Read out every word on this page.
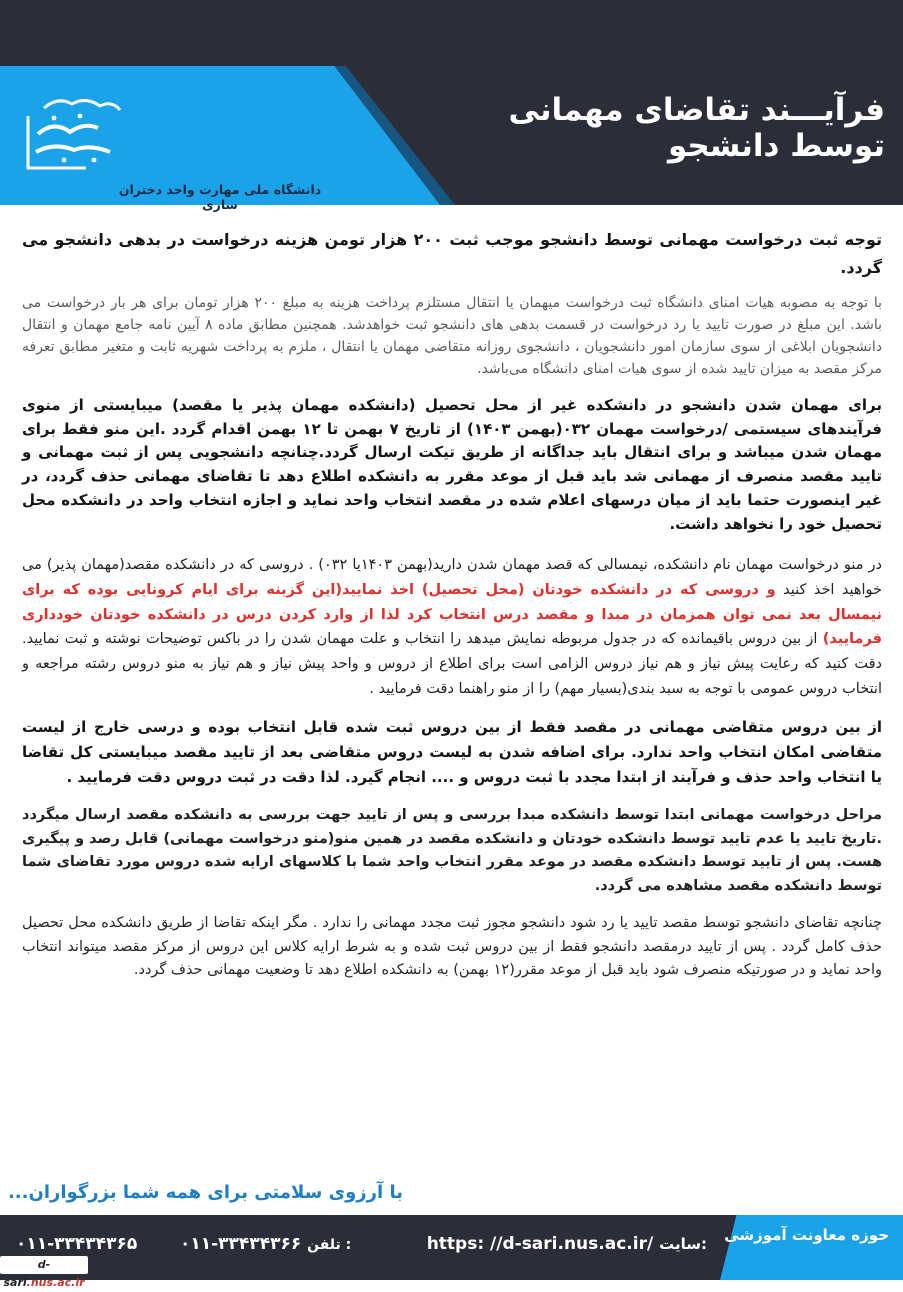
دانشگاه ملی مهارت واحد دختران ساری
فرآیـــند تقاضای مهمانی توسط دانشجو

توجه ثبت درخواست مهمانی توسط دانشجو موجب ثبت ۲۰۰ هزار تومن هزینه درخواست در بدهی دانشجو می گردد.

با توجه به مصوبه هیات امنای دانشگاه ثبت درخواست میهمان یا انتقال مستلزم پرداخت هزینه به مبلغ ۲۰۰ هزار تومان برای هر بار درخواست می باشد. این مبلغ در صورت تایید یا رد درخواست در قسمت بدهی های دانشجو ثبت خواهدشد. همچنین مطابق ماده ۸ آیین نامه جامع مهمان و انتقال دانشجویان ابلاغی از سوی سازمان امور دانشجویان ، دانشجوی روزانه متقاضی مهمان یا انتقال ، ملزم به پرداخت شهریه ثابت و متغیر مطابق تعرفه مرکز مقصد به میزان تایید شده از سوی هیات امنای دانشگاه می‌باشد.

برای مهمان شدن دانشجو در دانشکده غیر از محل تحصیل (دانشکده مهمان پذیر یا مقصد) میبایستی از منوی فرآیندهای سیستمی /درخواست مهمان ۰۳۲(بهمن ۱۴۰۳) از تاریخ ۷ بهمن تا ۱۲ بهمن اقدام گردد .این منو فقط برای مهمان شدن میباشد و برای انتقال باید جداگانه از طریق تیکت ارسال گردد.چنانچه دانشجویی پس از ثبت مهمانی و تایید مقصد منصرف از مهمانی شد باید قبل از موعد مقرر به دانشکده اطلاع دهد تا تقاضای مهمانی حذف گردد، در غیر اینصورت حتما باید از میان درسهای اعلام شده در مقصد انتخاب واحد نماید و اجازه انتخاب واحد در دانشکده محل تحصیل خود را نخواهد داشت.

در منو درخواست مهمان نام دانشکده، نیمسالی که قصد مهمان شدن دارید(بهمن ۱۴۰۳یا ۰۳۲) . دروسی که در دانشکده مقصد(مهمان پذیر) می خواهید اخذ کنید و دروسی که در دانشکده خودتان (محل تحصیل) اخذ نمایید(این گزینه برای ایام کرونایی بوده که برای نیمسال بعد نمی توان همزمان در مبدا و مقصد درس انتخاب کرد لذا از وارد کردن درس در دانشکده خودتان خودداری فرمایید) از بین دروس باقیمانده که در جدول مربوطه نمایش میدهد را انتخاب و علت مهمان شدن را در باکس توضیحات نوشته و ثبت نمایید. دقت کنید که رعایت پیش نیاز و هم نیاز دروس الزامی است برای اطلاع از دروس و واحد پیش نیاز و هم نیاز به منو دروس رشته مراجعه و انتخاب دروس عمومی با توجه به سبد بندی(بسیار مهم) را از منو راهنما دقت فرمایید .

از بین دروس متقاضی مهمانی در مقصد فقط از بین دروس ثبت شده قابل انتخاب بوده و درسی خارج از لیست متقاضی امکان انتخاب واحد ندارد. برای اضافه شدن به لیست دروس متقاضی بعد از تایید مقصد میبایستی کل تقاضا یا انتخاب واحد حذف و فرآیند از ابتدا مجدد با ثبت دروس و .... انجام گیرد. لذا دقت در ثبت دروس دقت فرمایید .

مراحل درخواست مهمانی ابتدا توسط دانشکده مبدا بررسی و پس از تایید جهت بررسی به دانشکده مقصد ارسال میگردد .تاریخ تایید یا عدم تایید توسط دانشکده خودتان و دانشکده مقصد در همین منو(منو درخواست مهمانی) قابل رصد و پیگیری هست. پس از تایید توسط دانشکده مقصد در موعد مقرر انتخاب واحد شما با کلاسهای ارایه شده دروس مورد تقاضای شما توسط دانشکده مقصد مشاهده می گردد.

چنانچه تقاضای دانشجو توسط مقصد تایید یا رد شود دانشجو مجوز ثبت مجدد مهمانی را ندارد . مگر اینکه تقاضا از طریق دانشکده محل تحصیل حذف کامل گردد . پس از تایید درمقصد دانشجو فقط از بین دروس ثبت شده و به شرط ارایه کلاس این دروس از مرکز مقصد میتواند انتخاب واحد نماید و در صورتیکه منصرف شود باید قبل از موعد مقرر(۱۲ بهمن) به دانشکده اطلاع دهد تا وضعیت مهمانی حذف گردد.

با آرزوی سلامتی برای همه شما بزرگواران...
حوزه معاونت آموزشی
https: //d-sari.nus.ac.ir/ سایت:
۰۱۱-۳۳۴۳۴۳۶۶ تلفن :
۰۱۱-۳۳۴۳۴۳۶۵
d-sari.nus.ac.ir
